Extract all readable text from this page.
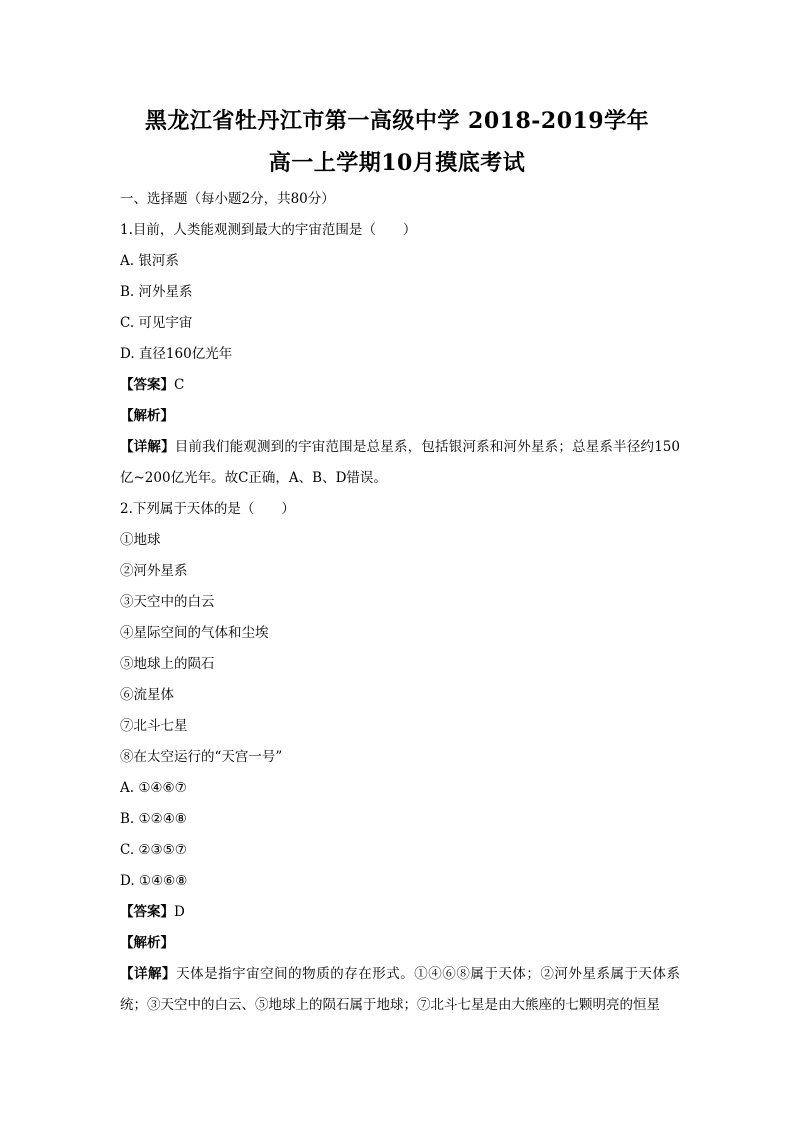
黑龙江省牡丹江市第一高级中学 2018-2019学年
高一上学期10月摸底考试
一、选择题（每小题2分，共80分）
1.目前，人类能观测到最大的宇宙范围是（　　）
A. 银河系
B. 河外星系
C. 可见宇宙
D. 直径160亿光年
【答案】C
【解析】
【详解】目前我们能观测到的宇宙范围是总星系，包括银河系和河外星系；总星系半径约150亿~200亿光年。故C正确，A、B、D错误。
2.下列属于天体的是（　　）
①地球
②河外星系
③天空中的白云
④星际空间的气体和尘埃
⑤地球上的陨石
⑥流星体
⑦北斗七星
⑧在太空运行的“天宫一号”
A. ①④⑥⑦
B. ①②④⑧
C. ②③⑤⑦
D. ①④⑥⑧
【答案】D
【解析】
【详解】天体是指宇宙空间的物质的存在形式。①④⑥⑧属于天体；②河外星系属于天体系统；③天空中的白云、⑤地球上的陨石属于地球；⑦北斗七星是由大熊座的七颗明亮的恒星
